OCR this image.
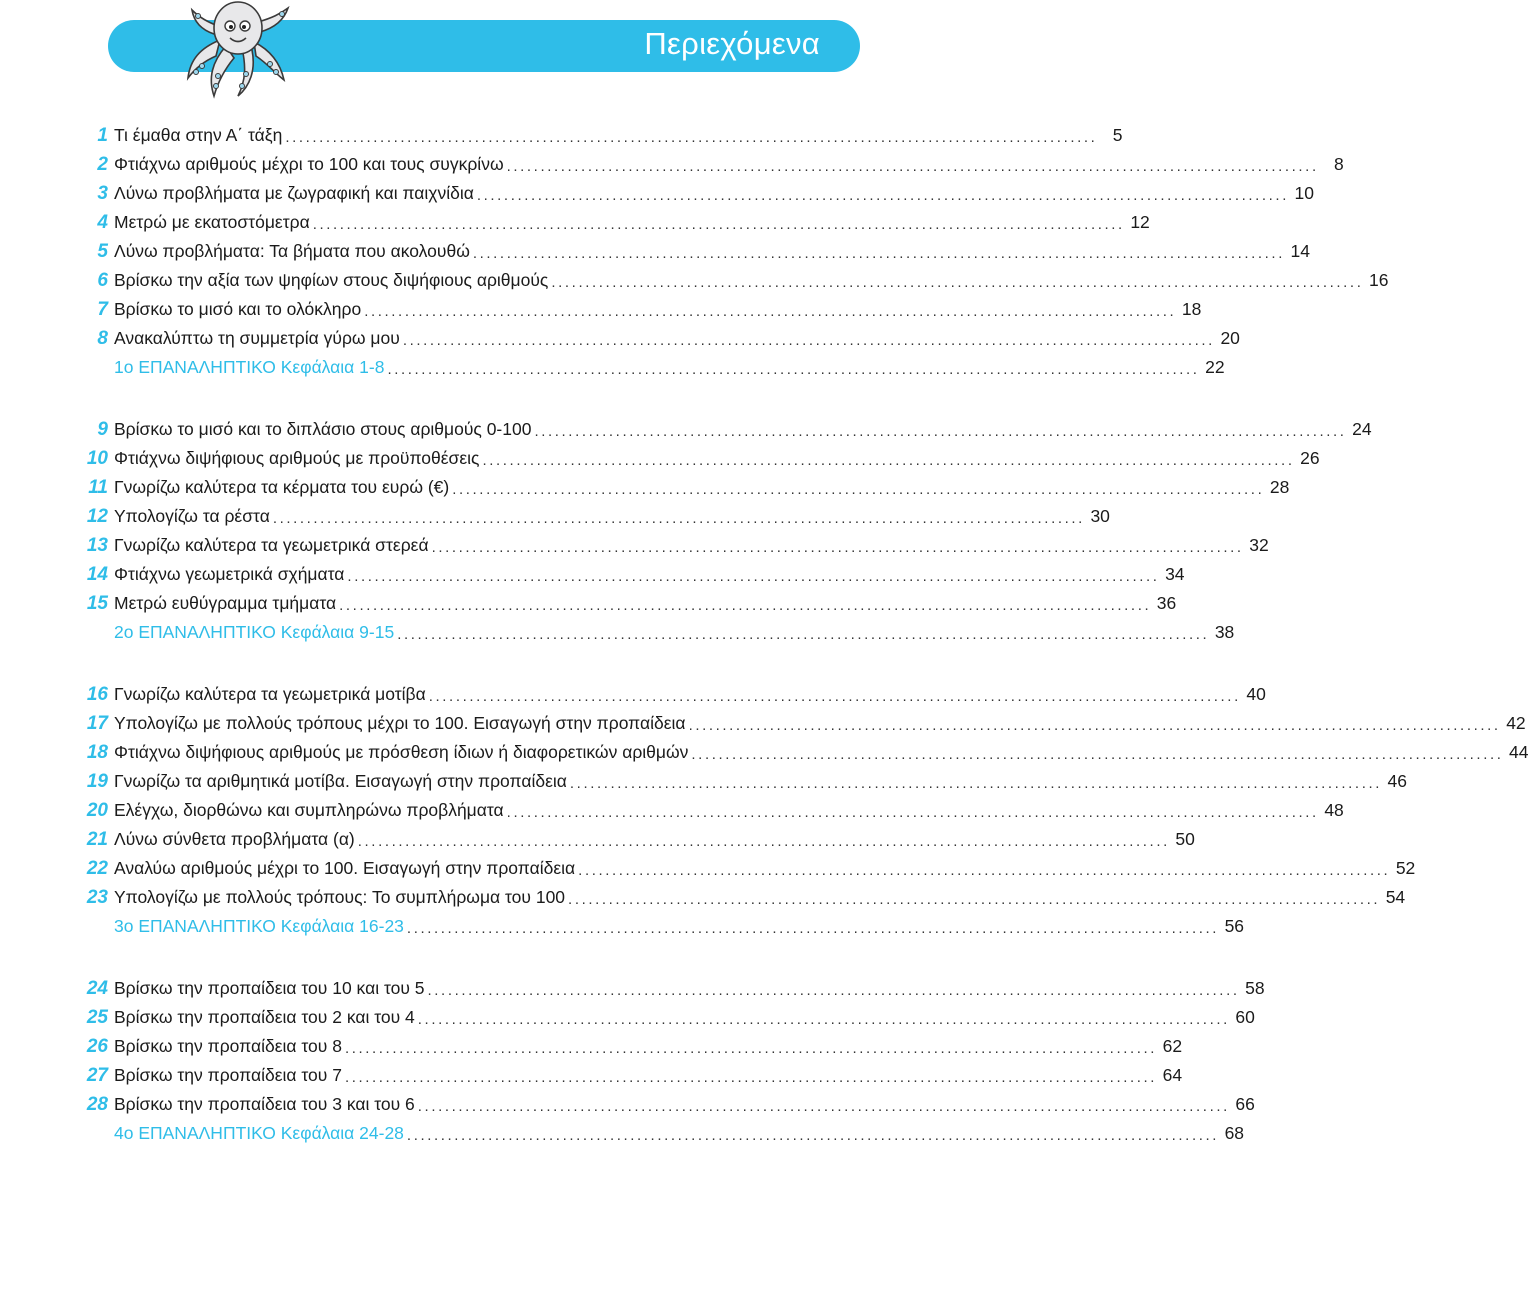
Περιεχόμενα
1 Τι έμαθα στην Α΄ τάξη ........................................................................................................................ 5
2 Φτιάχνω αριθμούς μέχρι το 100 και τους συγκρίνω ........................................................................................................................ 8
3 Λύνω προβλήματα με ζωγραφική και παιχνίδια ........................................................................................................................ 10
4 Μετρώ με εκατοστόμετρα ........................................................................................................................ 12
5 Λύνω προβλήματα: Τα βήματα που ακολουθώ ........................................................................................................................ 14
6 Βρίσκω την αξία των ψηφίων στους διψήφιους αριθμούς ........................................................................................................................ 16
7 Βρίσκω το μισό και το ολόκληρο ........................................................................................................................ 18
8 Ανακαλύπτω τη συμμετρία γύρω μου ........................................................................................................................ 20
1ο ΕΠΑΝΑΛΗΠΤΙΚΟ Κεφάλαια 1-8 ........................................................................................................................ 22
9 Βρίσκω το μισό και το διπλάσιο στους αριθμούς 0-100 ........................................................................................................................ 24
10 Φτιάχνω διψήφιους αριθμούς με προϋποθέσεις ........................................................................................................................ 26
11 Γνωρίζω καλύτερα τα κέρματα του ευρώ (€) ........................................................................................................................ 28
12 Υπολογίζω τα ρέστα ........................................................................................................................ 30
13 Γνωρίζω καλύτερα τα γεωμετρικά στερεά ........................................................................................................................ 32
14 Φτιάχνω γεωμετρικά σχήματα ........................................................................................................................ 34
15 Μετρώ ευθύγραμμα τμήματα ........................................................................................................................ 36
2ο ΕΠΑΝΑΛΗΠΤΙΚΟ Κεφάλαια 9-15 ........................................................................................................................ 38
16 Γνωρίζω καλύτερα τα γεωμετρικά μοτίβα ........................................................................................................................ 40
17 Υπολογίζω με πολλούς τρόπους μέχρι το 100. Εισαγωγή στην προπαίδεια ........................................................................................................................ 42
18 Φτιάχνω διψήφιους αριθμούς με πρόσθεση ίδιων ή διαφορετικών αριθμών ........................................................................................................................ 44
19 Γνωρίζω τα αριθμητικά μοτίβα. Εισαγωγή στην προπαίδεια ........................................................................................................................ 46
20 Ελέγχω, διορθώνω και συμπληρώνω προβλήματα ........................................................................................................................ 48
21 Λύνω σύνθετα προβλήματα (α) ........................................................................................................................ 50
22 Αναλύω αριθμούς μέχρι το 100. Εισαγωγή στην προπαίδεια ........................................................................................................................ 52
23 Υπολογίζω με πολλούς τρόπους: Το συμπλήρωμα του 100 ........................................................................................................................ 54
3ο ΕΠΑΝΑΛΗΠΤΙΚΟ Κεφάλαια 16-23 ........................................................................................................................ 56
24 Βρίσκω την προπαίδεια του 10 και του 5 ........................................................................................................................ 58
25 Βρίσκω την προπαίδεια του 2 και του 4 ........................................................................................................................ 60
26 Βρίσκω την προπαίδεια του 8 ........................................................................................................................ 62
27 Βρίσκω την προπαίδεια του 7 ........................................................................................................................ 64
28 Βρίσκω την προπαίδεια του 3 και του 6 ........................................................................................................................ 66
4ο ΕΠΑΝΑΛΗΠΤΙΚΟ Κεφάλαια 24-28 ........................................................................................................................ 68
